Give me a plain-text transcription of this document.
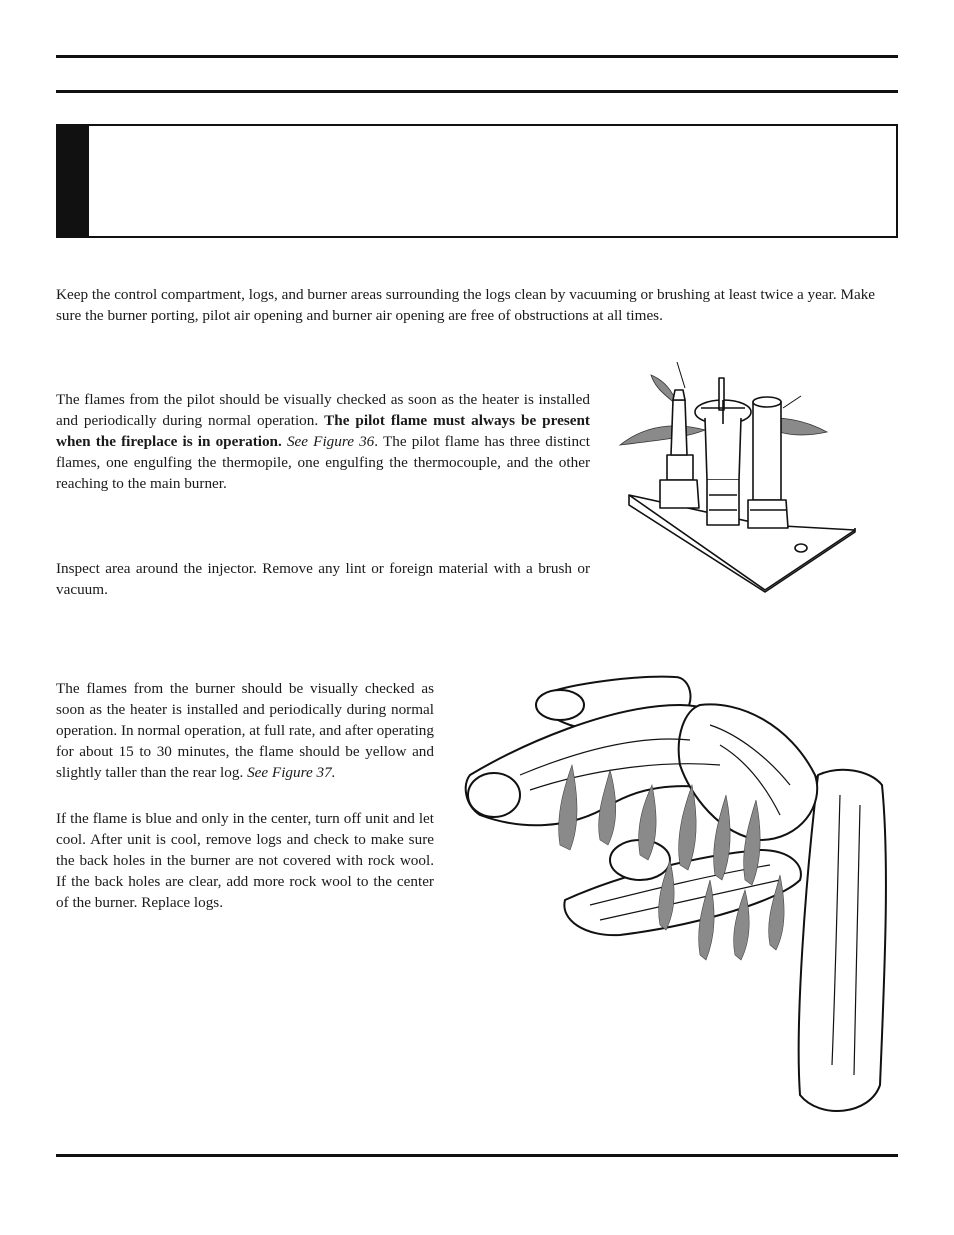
Keep the control compartment, logs, and burner areas surrounding the logs clean by vacuuming or brushing at least twice a year. Make sure the burner porting, pilot air opening and burner air opening are free of obstructions at all times.

The flames from the pilot should be visually checked as soon as the heater is installed and periodically during normal operation. The pilot flame must always be present when the fireplace is in operation. See Figure 36. The pilot flame has three distinct flames, one engulfing the thermopile, one engulfing the thermocouple, and the other reaching to the main burner.

Inspect area around the injector. Remove any lint or foreign material with a brush or vacuum.

The flames from the burner should be visually checked as soon as the heater is installed and periodically during normal operation. In normal operation, at full rate, and after operating for about 15 to 30 minutes, the flame should be yellow and slightly taller than the rear log. See Figure 37.

If the flame is blue and only in the center, turn off unit and let cool. After unit is cool, remove logs and check to make sure the back holes in the burner are not covered with rock wool. If the back holes are clear, add more rock wool to the center of the burner. Replace logs.
